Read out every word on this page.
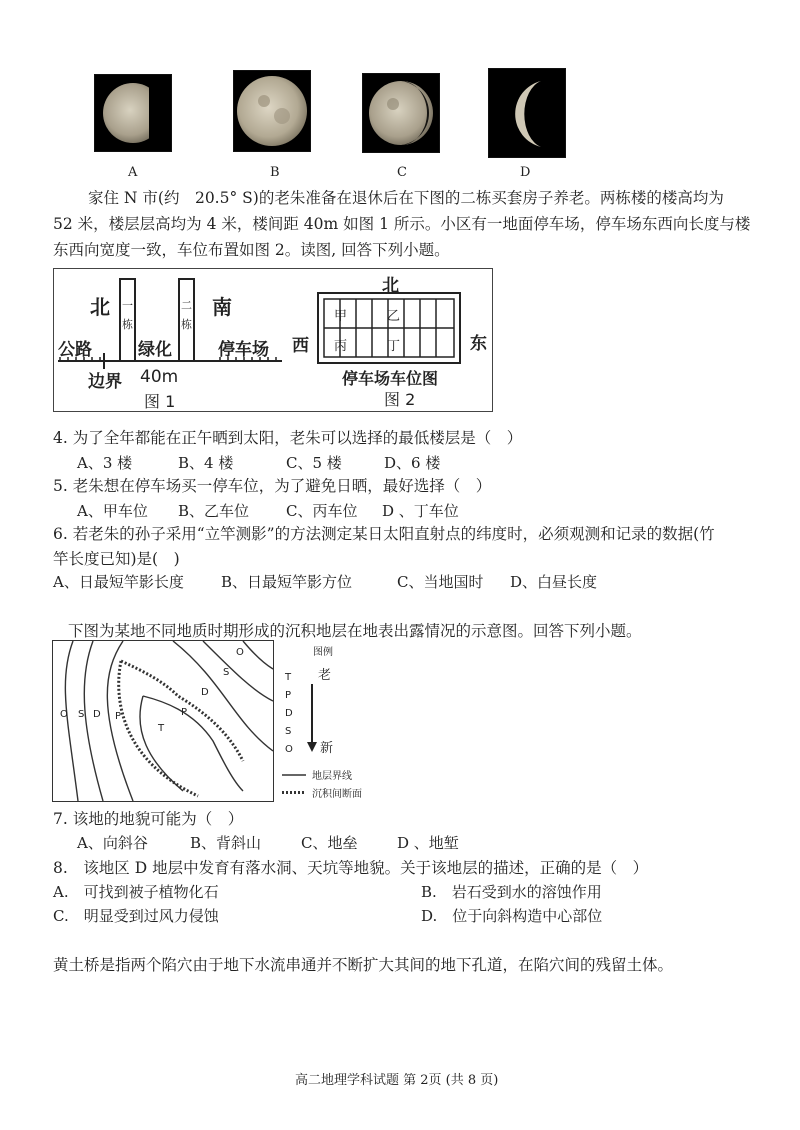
A	B	C	D
家住 N 市(约　20.5° S)的老朱准备在退休后在下图的二栋买套房子养老。两栋楼的楼高均为
52 米，楼层层高均为 4 米，楼间距 40m 如图 1 所示。小区有一地面停车场，停车场东西向长度与楼
东西向宽度一致，车位布置如图 2。读图, 回答下列小题。
北	南
一
栋
二
栋
公路	绿化	停车场
边界 40m
图 1
北
西	东
甲	乙
丙	丁
停车场车位图
图 2
4. 为了全年都能在正午晒到太阳，老朱可以选择的最低楼层是（　）
A、3 楼	B、4 楼	C、5 楼	D、6 楼
5. 老朱想在停车场买一停车位，为了避免日晒，最好选择（　）
A、甲车位 B、乙车位 C、丙车位 D 、丁车位
6. 若老朱的孙子采用“立竿测影”的方法测定某日太阳直射点的纬度时，必须观测和记录的数据(竹
竿长度已知)是(　)
A、日最短竿影长度 B、日最短竿影方位	C、当地国时 D、白昼长度
下图为某地不同地质时期形成的沉积地层在地表出露情况的示意图。回答下列小题。
O
S
D
P
T
O S D P
图例
老
T
P
D
S
O 新
地层界线
沉积间断面
7. 该地的地貌可能为（　）
A、向斜谷	B、背斜山	C、地垒	D 、地堑
8.　该地区 D 地层中发育有落水洞、天坑等地貌。关于该地层的描述，正确的是（　）
A.　可找到被子植物化石	B.　岩石受到水的溶蚀作用
C.　明显受到过风力侵蚀	D.　位于向斜构造中心部位
黄土桥是指两个陷穴由于地下水流串通并不断扩大其间的地下孔道，在陷穴间的残留土体。
高二地理学科试题 第 2页 (共 8 页)
